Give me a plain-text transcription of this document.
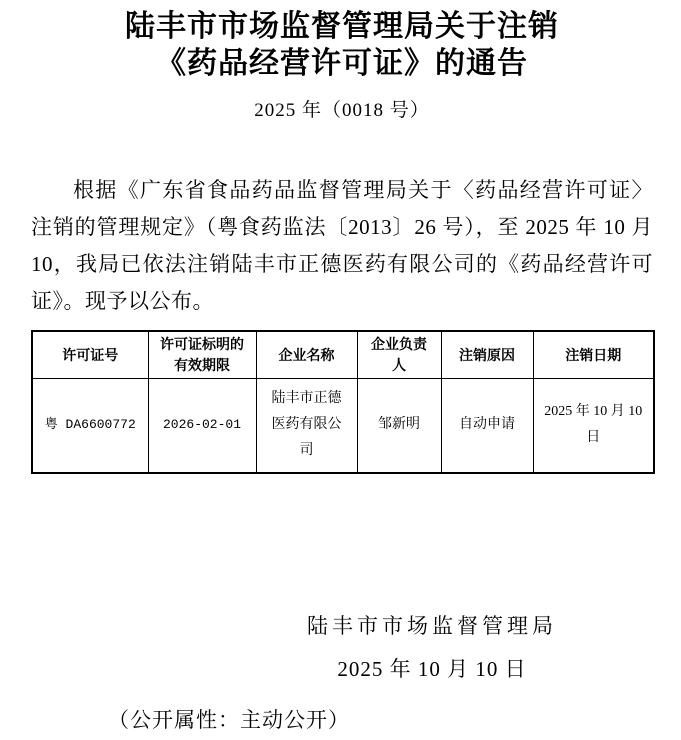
陆丰市市场监督管理局关于注销
《药品经营许可证》的通告
2025 年（0018 号）

根据《广东省食品药品监督管理局关于〈药品经营许可证〉注销的管理规定》（粤食药监法〔2013〕26 号），至 2025 年 10 月 10，我局已依法注销陆丰市正德医药有限公司的《药品经营许可证》。现予以公布。

许可证号	许可证标明的有效期限	企业名称	企业负责人	注销原因	注销日期
粤 DA6600772	2026-02-01	陆丰市正德医药有限公司	邹新明	自动申请	2025 年 10 月 10 日
陆丰市市场监督管理局
2025 年 10 月 10 日
（公开属性：主动公开）
